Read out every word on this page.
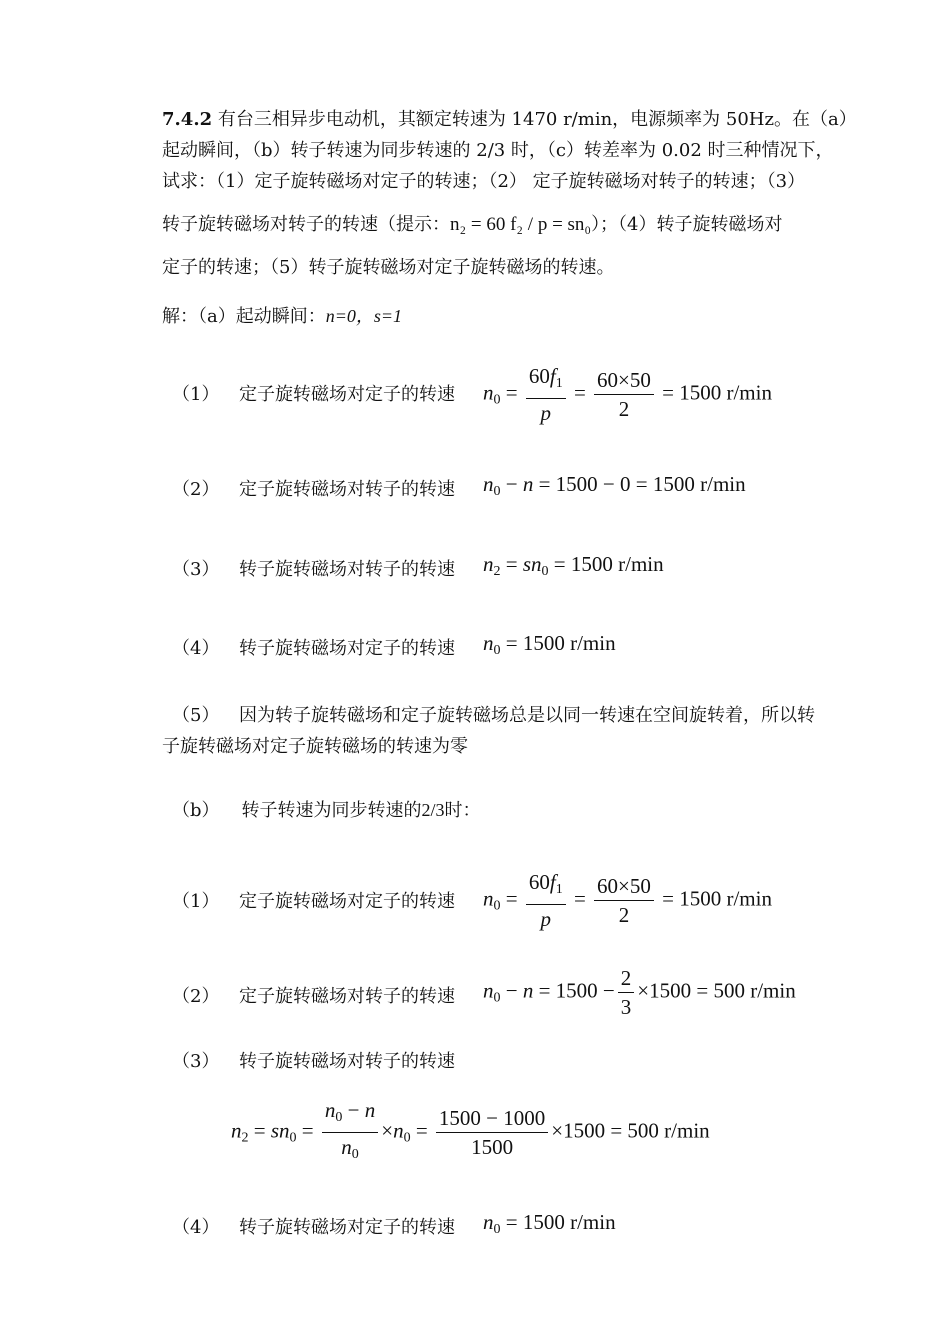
7.4.2 有台三相异步电动机，其额定转速为 1470 r/min，电源频率为 50Hz。在（a）
起动瞬间，（b）转子转速为同步转速的 2/3 时，（c）转差率为 0.02 时三种情况下，
试求：（1）定子旋转磁场对定子的转速；（2） 定子旋转磁场对转子的转速；（3）
转子旋转磁场对转子的转速（提示：n₂ = 60 f₂ / p = sn₀）；（4）转子旋转磁场对
定子的转速；（5）转子旋转磁场对定子旋转磁场的转速。
解：（a）起动瞬间：n=0，s=1
（1） 定子旋转磁场对定子的转速 $n_0 = \frac{60f_1}{p} = \frac{60\times 50}{2} = 1500$ r/min
（2） 定子旋转磁场对转子的转速 $n_0 - n = 1500 - 0 = 1500$ r/min
（3） 转子旋转磁场对转子的转速 $n_2 = sn_0 = 1500$ r/min
（4） 转子旋转磁场对定子的转速 $n_0 = 1500$ r/min
（5） 因为转子旋转磁场和定子旋转磁场总是以同一转速在空间旋转着，所以转
子旋转磁场对定子旋转磁场的转速为零
（b） 转子转速为同步转速的2/3时：
（1） 定子旋转磁场对定子的转速 $n_0 = \frac{60f_1}{p} = \frac{60\times 50}{2} = 1500$ r/min
（2） 定子旋转磁场对转子的转速 $n_0 - n = 1500 - \frac{2}{3} \times 1500 = 500$ r/min
（3） 转子旋转磁场对转子的转速
$n_2 = sn_0 = \frac{n_0 - n}{n_0} \times n_0 = \frac{1500 - 1000}{1500} \times 1500 = 500$ r/min
（4） 转子旋转磁场对定子的转速 $n_0 = 1500$ r/min
